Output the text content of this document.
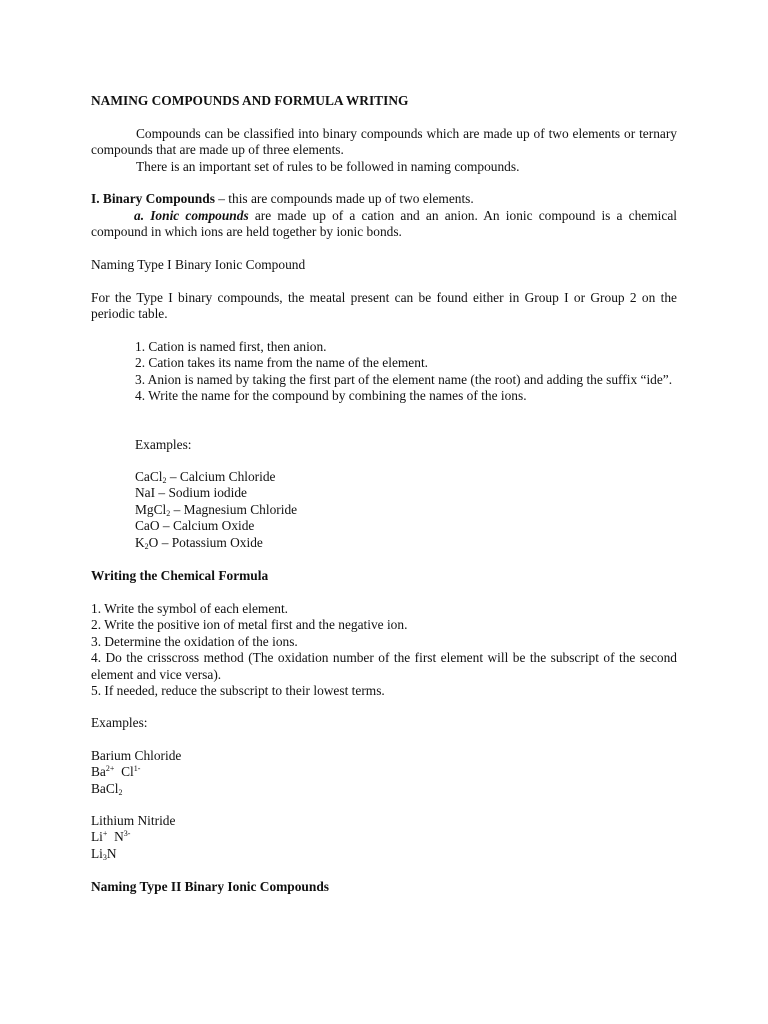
NAMING COMPOUNDS AND FORMULA WRITING

Compounds can be classified into binary compounds which are made up of two elements or ternary compounds that are made up of three elements.

There is an important set of rules to be followed in naming compounds.

I. Binary Compounds – this are compounds made up of two elements.

a. Ionic compounds are made up of a cation and an anion. An ionic compound is a chemical compound in which ions are held together by ionic bonds.

Naming Type I Binary Ionic Compound

For the Type I binary compounds, the meatal present can be found either in Group I or Group 2 on the periodic table.

1. Cation is named first, then anion.
2. Cation takes its name from the name of the element.
3. Anion is named by taking the first part of the element name (the root) and adding the suffix “ide”.
4. Write the name for the compound by combining the names of the ions.

Examples:

CaCl$_2$ – Calcium Chloride
NaI – Sodium iodide
MgCl$_2$ – Magnesium Chloride
CaO – Calcium Oxide
$K_2O$ – Potassium Oxide

Writing the Chemical Formula

1. Write the symbol of each element.
2. Write the positive ion of metal first and the negative ion.
3. Determine the oxidation of the ions.
4. Do the crisscross method (The oxidation number of the first element will be the subscript of the second element and vice versa).
5. If needed, reduce the subscript to their lowest terms.

Examples:

Barium Chloride
$Ba^{2+}$ $Cl^{1-}$
BaCl$_2$
Lithium Nitride
Li+ $N^{3-}$
$Li_3N$

Naming Type II Binary Ionic Compounds
